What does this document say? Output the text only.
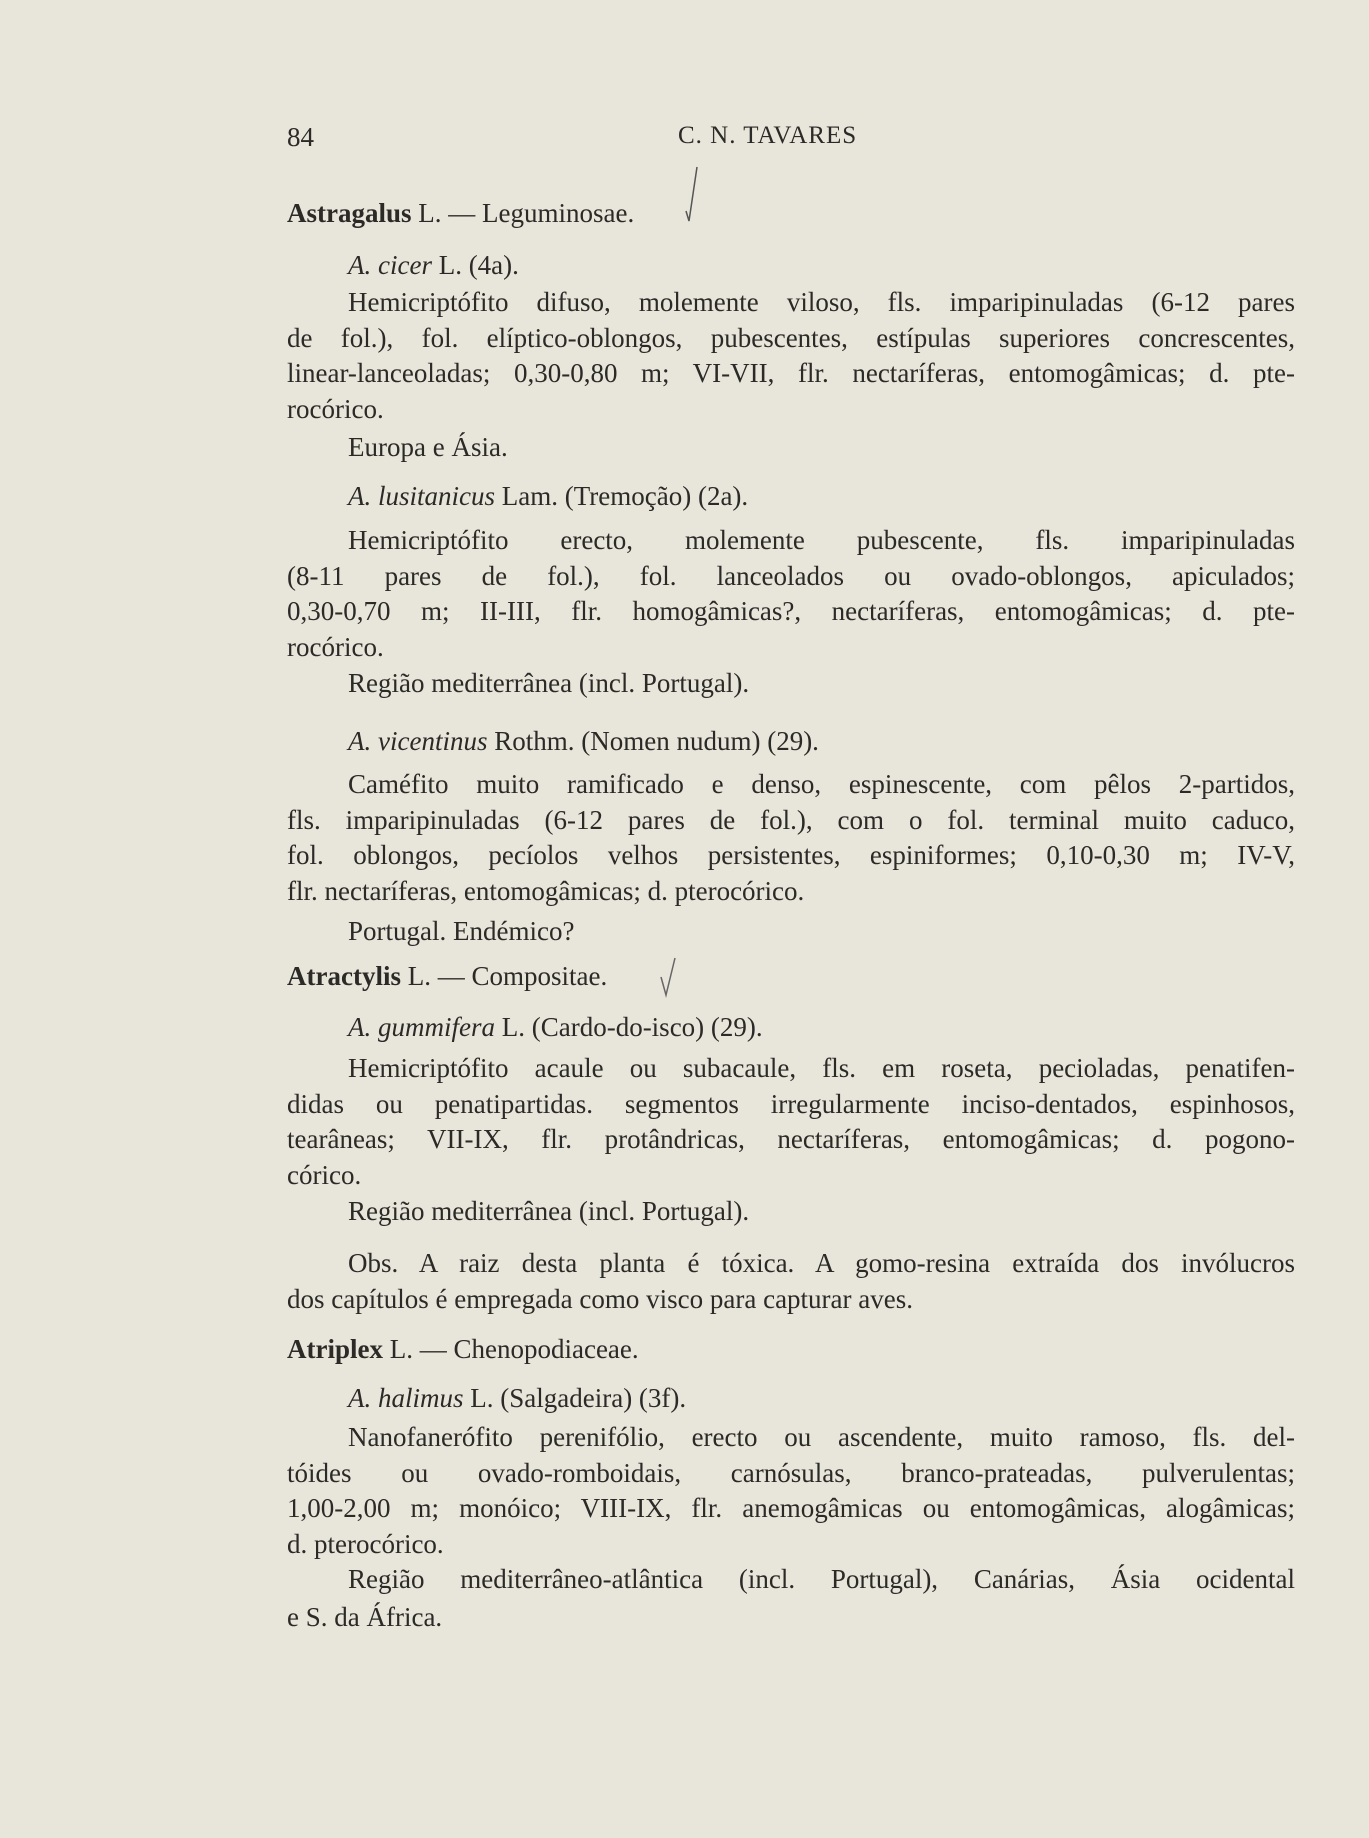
84	C. N. TAVARES
Astragalus L. — Leguminosae.
A. cicer L. (4a).
Hemicriptófito difuso, molemente viloso, fls. imparipinuladas (6-12 pares
de fol.), fol. elíptico-oblongos, pubescentes, estípulas superiores concrescentes,
linear-lanceoladas; 0,30-0,80 m; VI-VII, flr. nectaríferas, entomogâmicas; d. pte-
rocórico.
Europa e Ásia.
A. lusitanicus Lam. (Tremoção) (2a).
Hemicriptófito erecto, molemente pubescente, fls. imparipinuladas
(8-11 pares de fol.), fol. lanceolados ou ovado-oblongos, apiculados;
0,30-0,70 m; II-III, flr. homogâmicas?, nectaríferas, entomogâmicas; d. pte-
rocórico.
Região mediterrânea (incl. Portugal).
A. vicentinus Rothm. (Nomen nudum) (29).
Caméfito muito ramificado e denso, espinescente, com pêlos 2-partidos,
fls. imparipinuladas (6-12 pares de fol.), com o fol. terminal muito caduco,
fol. oblongos, pecíolos velhos persistentes, espiniformes; 0,10-0,30 m; IV-V,
flr. nectaríferas, entomogâmicas; d. pterocórico.
Portugal. Endémico?
Atractylis L. — Compositae.
A. gummifera L. (Cardo-do-isco) (29).
Hemicriptófito acaule ou subacaule, fls. em roseta, pecioladas, penatifen-
didas ou penatipartidas. segmentos irregularmente inciso-dentados, espinhosos,
tearâneas; VII-IX, flr. protândricas, nectaríferas, entomogâmicas; d. pogono-
córico.
Região mediterrânea (incl. Portugal).
Obs. A raiz desta planta é tóxica. A gomo-resina extraída dos invólucros
dos capítulos é empregada como visco para capturar aves.
Atriplex L. — Chenopodiaceae.
A. halimus L. (Salgadeira) (3f).
Nanofanerófito perenifólio, erecto ou ascendente, muito ramoso, fls. del-
tóides ou ovado-romboidais, carnósulas, branco-prateadas, pulverulentas;
1,00-2,00 m; monóico; VIII-IX, flr. anemogâmicas ou entomogâmicas, alogâmicas;
d. pterocórico.
Região mediterrâneo-atlântica (incl. Portugal), Canárias, Ásia ocidental
e S. da África.
